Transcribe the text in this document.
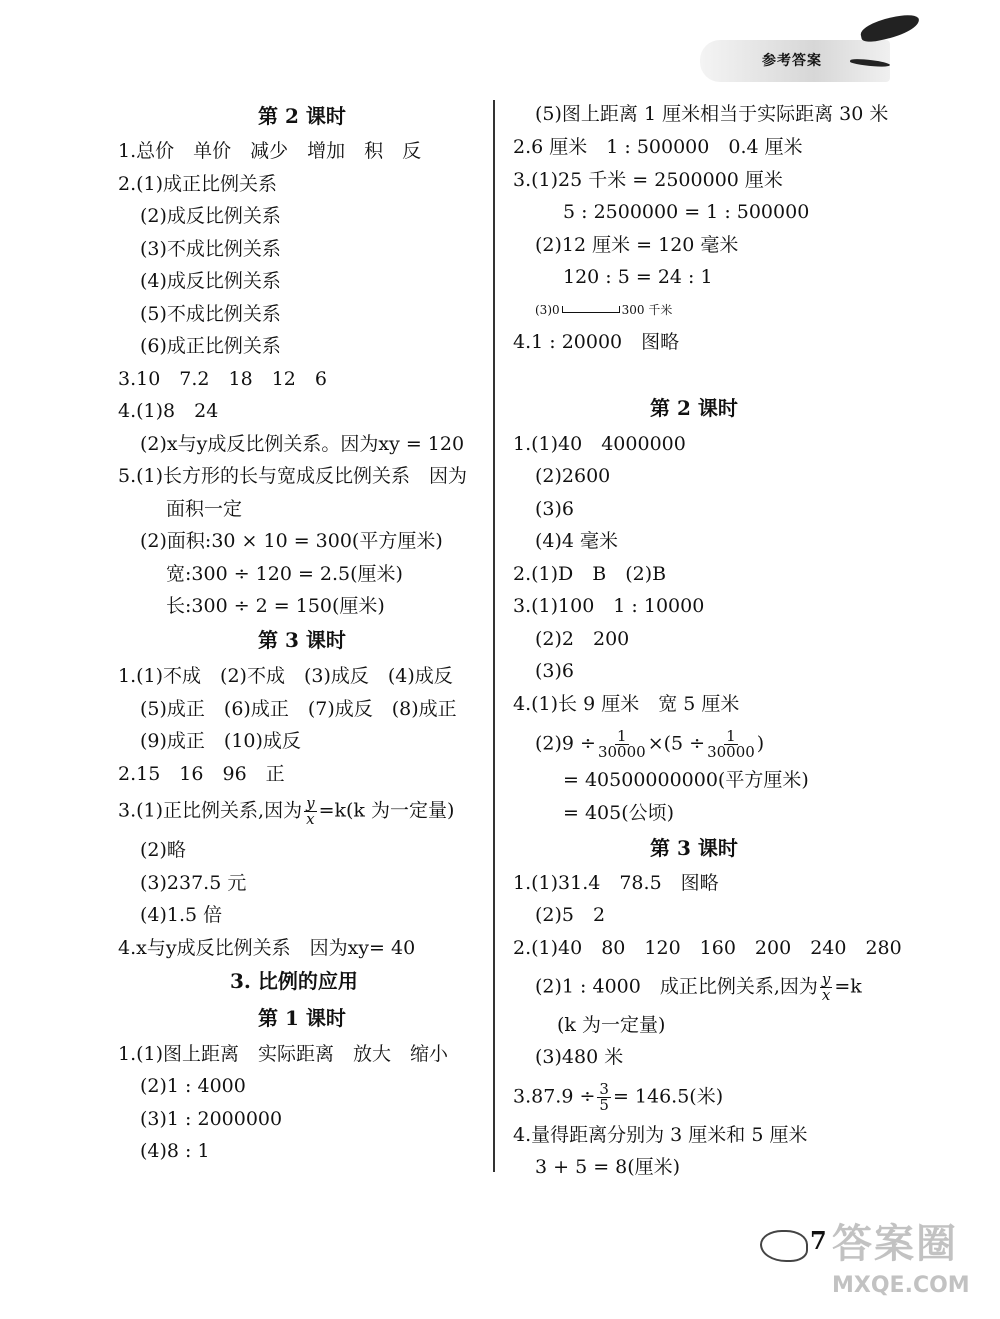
参考答案
第 2 课时
1.总价　单价　减少　增加　积　反
2.(1)成正比例关系
(2)成反比例关系
(3)不成比例关系
(4)成反比例关系
(5)不成比例关系
(6)成正比例关系
3.10　7.2　18　12　6
4.(1)8　24
(2)x与y成反比例关系。因为xy = 120
5.(1)长方形的长与宽成反比例关系　因为
面积一定
(2)面积:30 × 10 = 300(平方厘米)
宽:300 ÷ 120 = 2.5(厘米)
长:300 ÷ 2 = 150(厘米)
第 3 课时
1.(1)不成　(2)不成　(3)成反　(4)成反
(5)成正　(6)成正　(7)成反　(8)成正
(9)成正　(10)成反
2.15　16　96　正
3.(1)正比例关系,因为 $\frac{y}{x} =k(k$ 为一定量)
(2)略
(3)237.5 元
(4)1.5 倍
4.x与y成反比例关系　因为xy= 40
3. 比例的应用
第 1 课时
1.(1)图上距离　实际距离　放大　缩小
(2)1 : 4000
(3)1 : 2000000
(4)8 : 1
(5)图上距离 1 厘米相当于实际距离 30 米
2.6 厘米　1 : 500000　0.4 厘米
3.(1)25 千米 = 2500000 厘米
5 : 2500000 = 1 : 500000
(2)12 厘米 = 120 毫米
120 : 5 = 24 : 1
(3)0	300 千米
4.1 : 20000　图略
第 2 课时
1.(1)40　4000000
(2)2600
(3)6
(4)4 毫米
2.(1)D　B　(2)B
3.(1)100　1 : 10000
(2)2　200
(3)6
4.(1)长 9 厘米　宽 5 厘米
$(2)9 \div \frac{1}{30000} \times(5 \div \frac{1}{30000}$ )
= 40500000000(平方厘米)
= 405(公顷)
第 3 课时
1.(1)31.4　78.5　图略
(2)5　2
2.(1)40　80　120　160　200　240　280
(2)1 : 4000　成正比例关系,因为 $\frac{y}{x} =k$
(k 为一定量)
(3)480 米
$3.87.9 \div \frac{3}{5} = 146.5$(米)
4.量得距离分别为 3 厘米和 5 厘米
3 + 5 = 8(厘米)
7 答案圈
MXQE.COM
